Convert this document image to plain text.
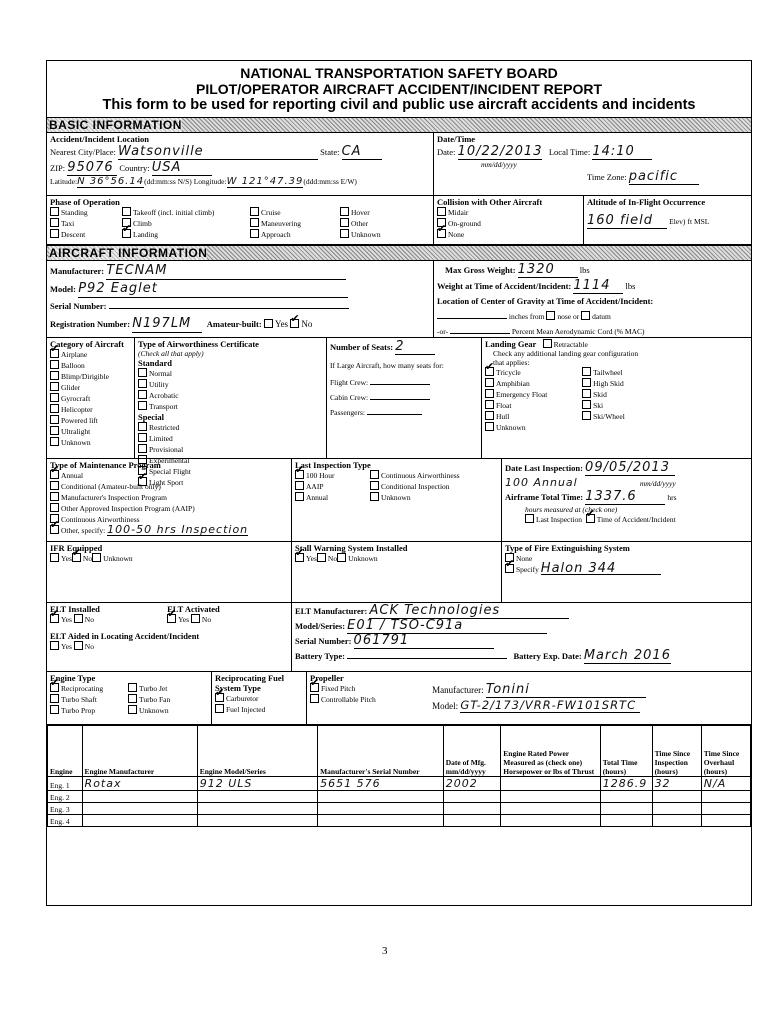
NATIONAL TRANSPORTATION SAFETY BOARD
PILOT/OPERATOR AIRCRAFT ACCIDENT/INCIDENT REPORT
This form to be used for reporting civil and public use aircraft accidents and incidents
BASIC INFORMATION
Accident/Incident Location
Nearest City/Place: Watsonville	State: CA
ZIP: 95076 Country: USA
Latitude:N 36°56.14(dd:mm:ss N/S) Longitude:W 121°47.39(ddd:mm:ss E/W)
Date/Time
Date: 10/22/2013 Local Time: 14:10
mm/dd/yyyy
Time Zone: pacific
Phase of Operation
Standing	Takeoff (incl. initial climb)	Cruise	Hover
Taxi	Climb	Maneuvering	Other
Descent ✔	Landing	Approach	Unknown
Collision with Other Aircraft
Midair
On-ground
✔None

Altitude of In-Flight Occurrence
160 field Elev) ft MSL
AIRCRAFT INFORMATION
Manufacturer: TECNAM
Model: P92 Eaglet
Serial Number:
Registration Number: N197LM Amateur-built: Yes ✔ No
Max Gross Weight: 1320	lbs
Weight at Time of Accident/Incident: 1114 lbs
Location of Center of Gravity at Time of Accident/Incident:
inches from nose or datum
-or-	Percent Mean Aerodynamic Cord (% MAC)
Category of Aircraft
✔Airplane
Balloon
Blimp/Dirigible
Glider
Gyrocraft
Helicopter
Powered lift
Ultralight
Unknown

Type of Airworthiness Certificate
(Check all that apply)
Standard
Normal
Utility
Acrobatic
Transport

Special
Restricted
Limited
Provisional
Experimental
Special Flight
✔Light Sport

Number of Seats: 2
If Large Aircraft, how many seats for:
Flight Crew:
Cabin Crew:
Passengers:
Landing Gear Retractable
Check any additional landing gear configuration that applies:
✔Tricycle
Amphibian
Emergency Float
Float
Hull
Unknown
Tailwheel
High Skid
Skid
Ski
Ski/Wheel

Type of Maintenance Program
✔Annual
Conditional (Amateur-built only)
Manufacturer's Inspection Program
Other Approved Inspection Program (AAIP)
Continuous Airworthiness

✔Other, specify: 100-50 hrs Inspection
Last Inspection Type
✔100 Hour	Continuous Airworthiness
AAIP	Conditional Inspection
Annual	Unknown
Date Last Inspection: 09/05/2013
100 Annual	mm/dd/yyyy
Airframe Total Time: 1337.6	hrs
hours measured at (check one)
Last Inspection ✔ Time of Accident/Incident
IFR Equipped
Yes ✔ No Unknown
Stall Warning System Installed
✔Yes No Unknown
Type of Fire Extinguishing System
None
✔Specify Halon 344
ELT Installed
✔Yes No
ELT Activated
✔Yes No
ELT Aided in Locating Accident/Incident
Yes No
ELT Manufacturer: ACK Technologies
Model/Series: E01 / TSO-C91a
Serial Number: 061791
Battery Type:	Battery Exp. Date: March 2016
Engine Type
✔Reciprocating	Turbo Jet
Turbo Shaft	Turbo Fan
Turbo Prop	Unknown
Reciprocating Fuel System Type
✔Carburetor
Fuel Injected

Propeller
✔Fixed Pitch
Controllable Pitch

Manufacturer: Tonini
Model: GT-2/173/VRR-FW101SRTC
Engine	Engine Manufacturer	Engine Model/Series	Manufacturer's Serial Number	Date of Mfg. mm/dd/yyyy	Engine Rated Power Measured as (check one) Horsepower or lbs of Thrust	Total Time (hours)	Time Since Inspection (hours)	Time Since Overhaul (hours)
Eng. 1	Rotax	912 ULS	5651 576	2002		1286.9	32	N/A
Eng. 2								
Eng. 3								
Eng. 4								
3
